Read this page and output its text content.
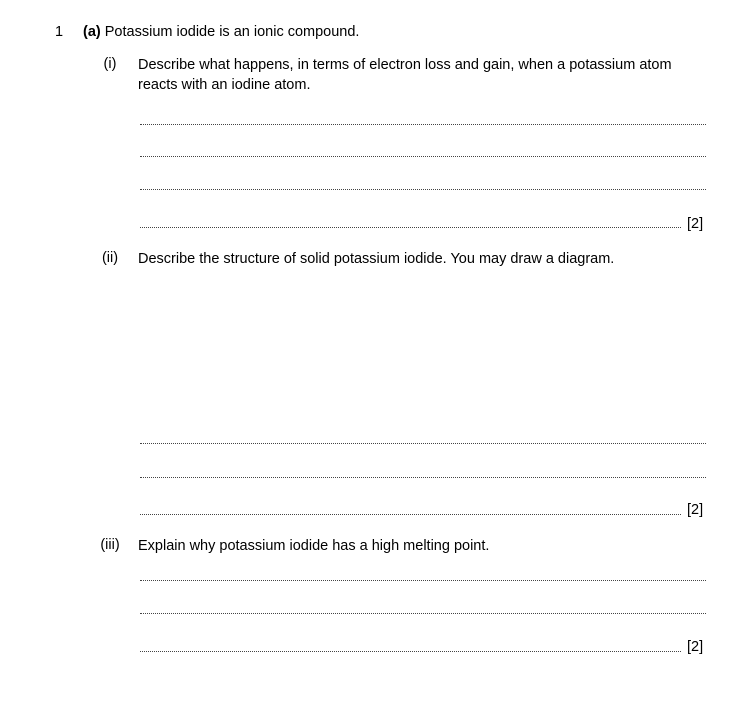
1 (a) Potassium iodide is an ionic compound.
(i)	Describe what happens, in terms of electron loss and gain, when a potassium atom
reacts with an iodine atom.
[2]
(ii)	Describe the structure of solid potassium iodide. You may draw a diagram.
[2]
(iii) Explain why potassium iodide has a high melting point.
[2]
